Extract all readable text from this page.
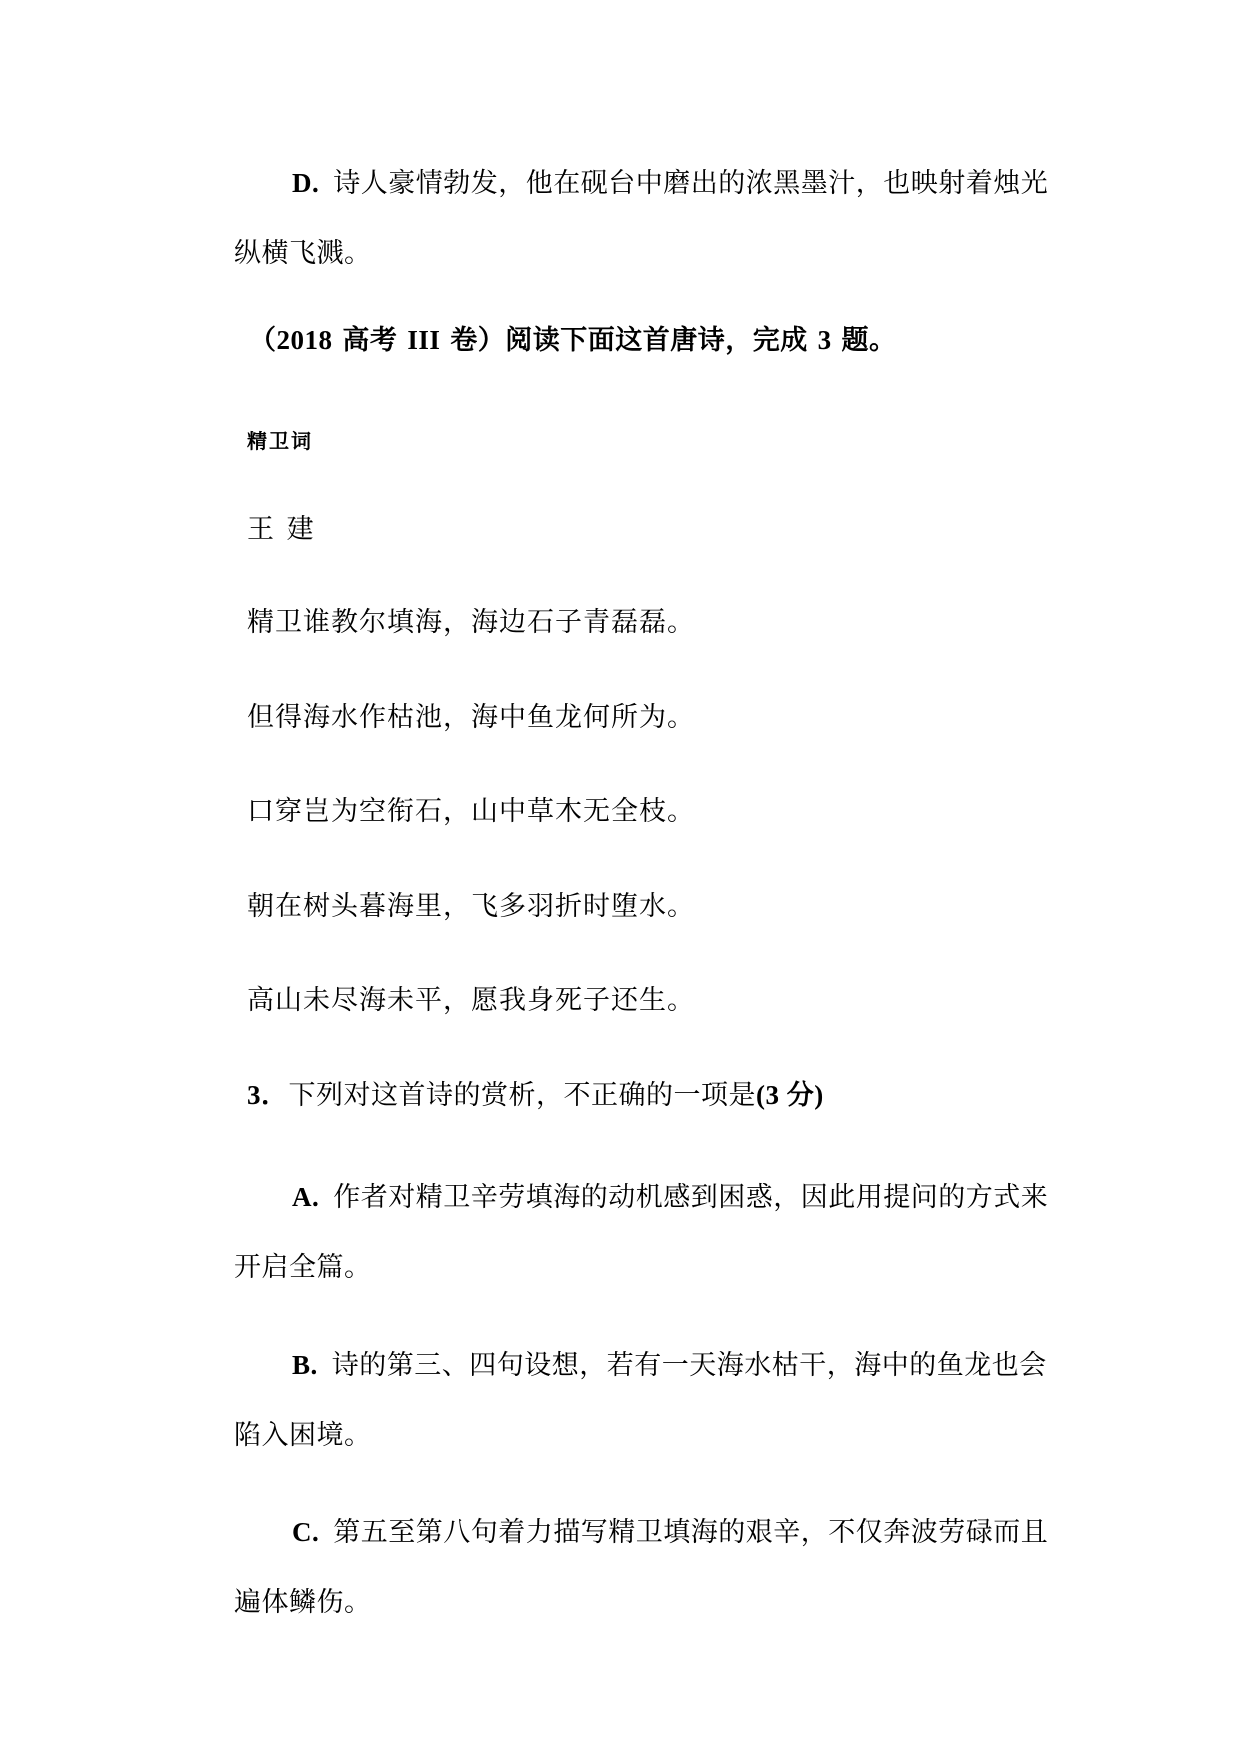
D. 诗人豪情勃发，他在砚台中磨出的浓黑墨汁，也映射着烛光纵横飞溅。
（2018 高考 III 卷）阅读下面这首唐诗，完成 3 题。
精卫词
王 建
精卫谁教尔填海，海边石子青磊磊。
但得海水作枯池，海中鱼龙何所为。
口穿岂为空衔石，山中草木无全枝。
朝在树头暮海里，飞多羽折时堕水。
高山未尽海未平，愿我身死子还生。
3．下列对这首诗的赏析，不正确的一项是(3 分)
A. 作者对精卫辛劳填海的动机感到困惑，因此用提问的方式来开启全篇。
B. 诗的第三、四句设想，若有一天海水枯干，海中的鱼龙也会陷入困境。
C. 第五至第八句着力描写精卫填海的艰辛，不仅奔波劳碌而且遍体鳞伤。
